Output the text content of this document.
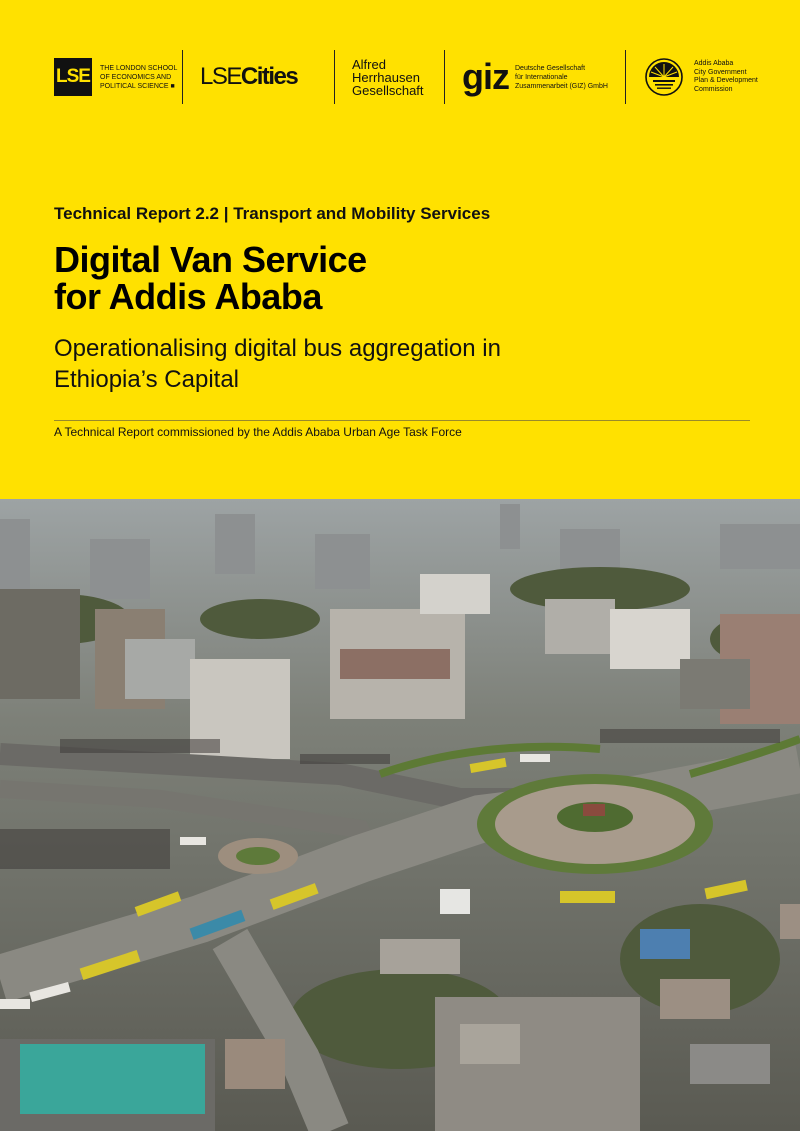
LSE THE LONDON SCHOOL
OF ECONOMICS AND
POLITICAL SCIENCE ■ LSE Cities	Alfred
Herrhausen
Gesellschaft giz Deutsche Gesellschaft
für Internationale
Zusammenarbeit (GIZ) GmbH
Addis Ababa
City Government
Plan & Development
Commission
Technical Report 2.2 | Transport and Mobility Services
Digital Van Service
for Addis Ababa
Operationalising digital bus aggregation in
Ethiopia’s Capital
A Technical Report commissioned by the Addis Ababa Urban Age Task Force
